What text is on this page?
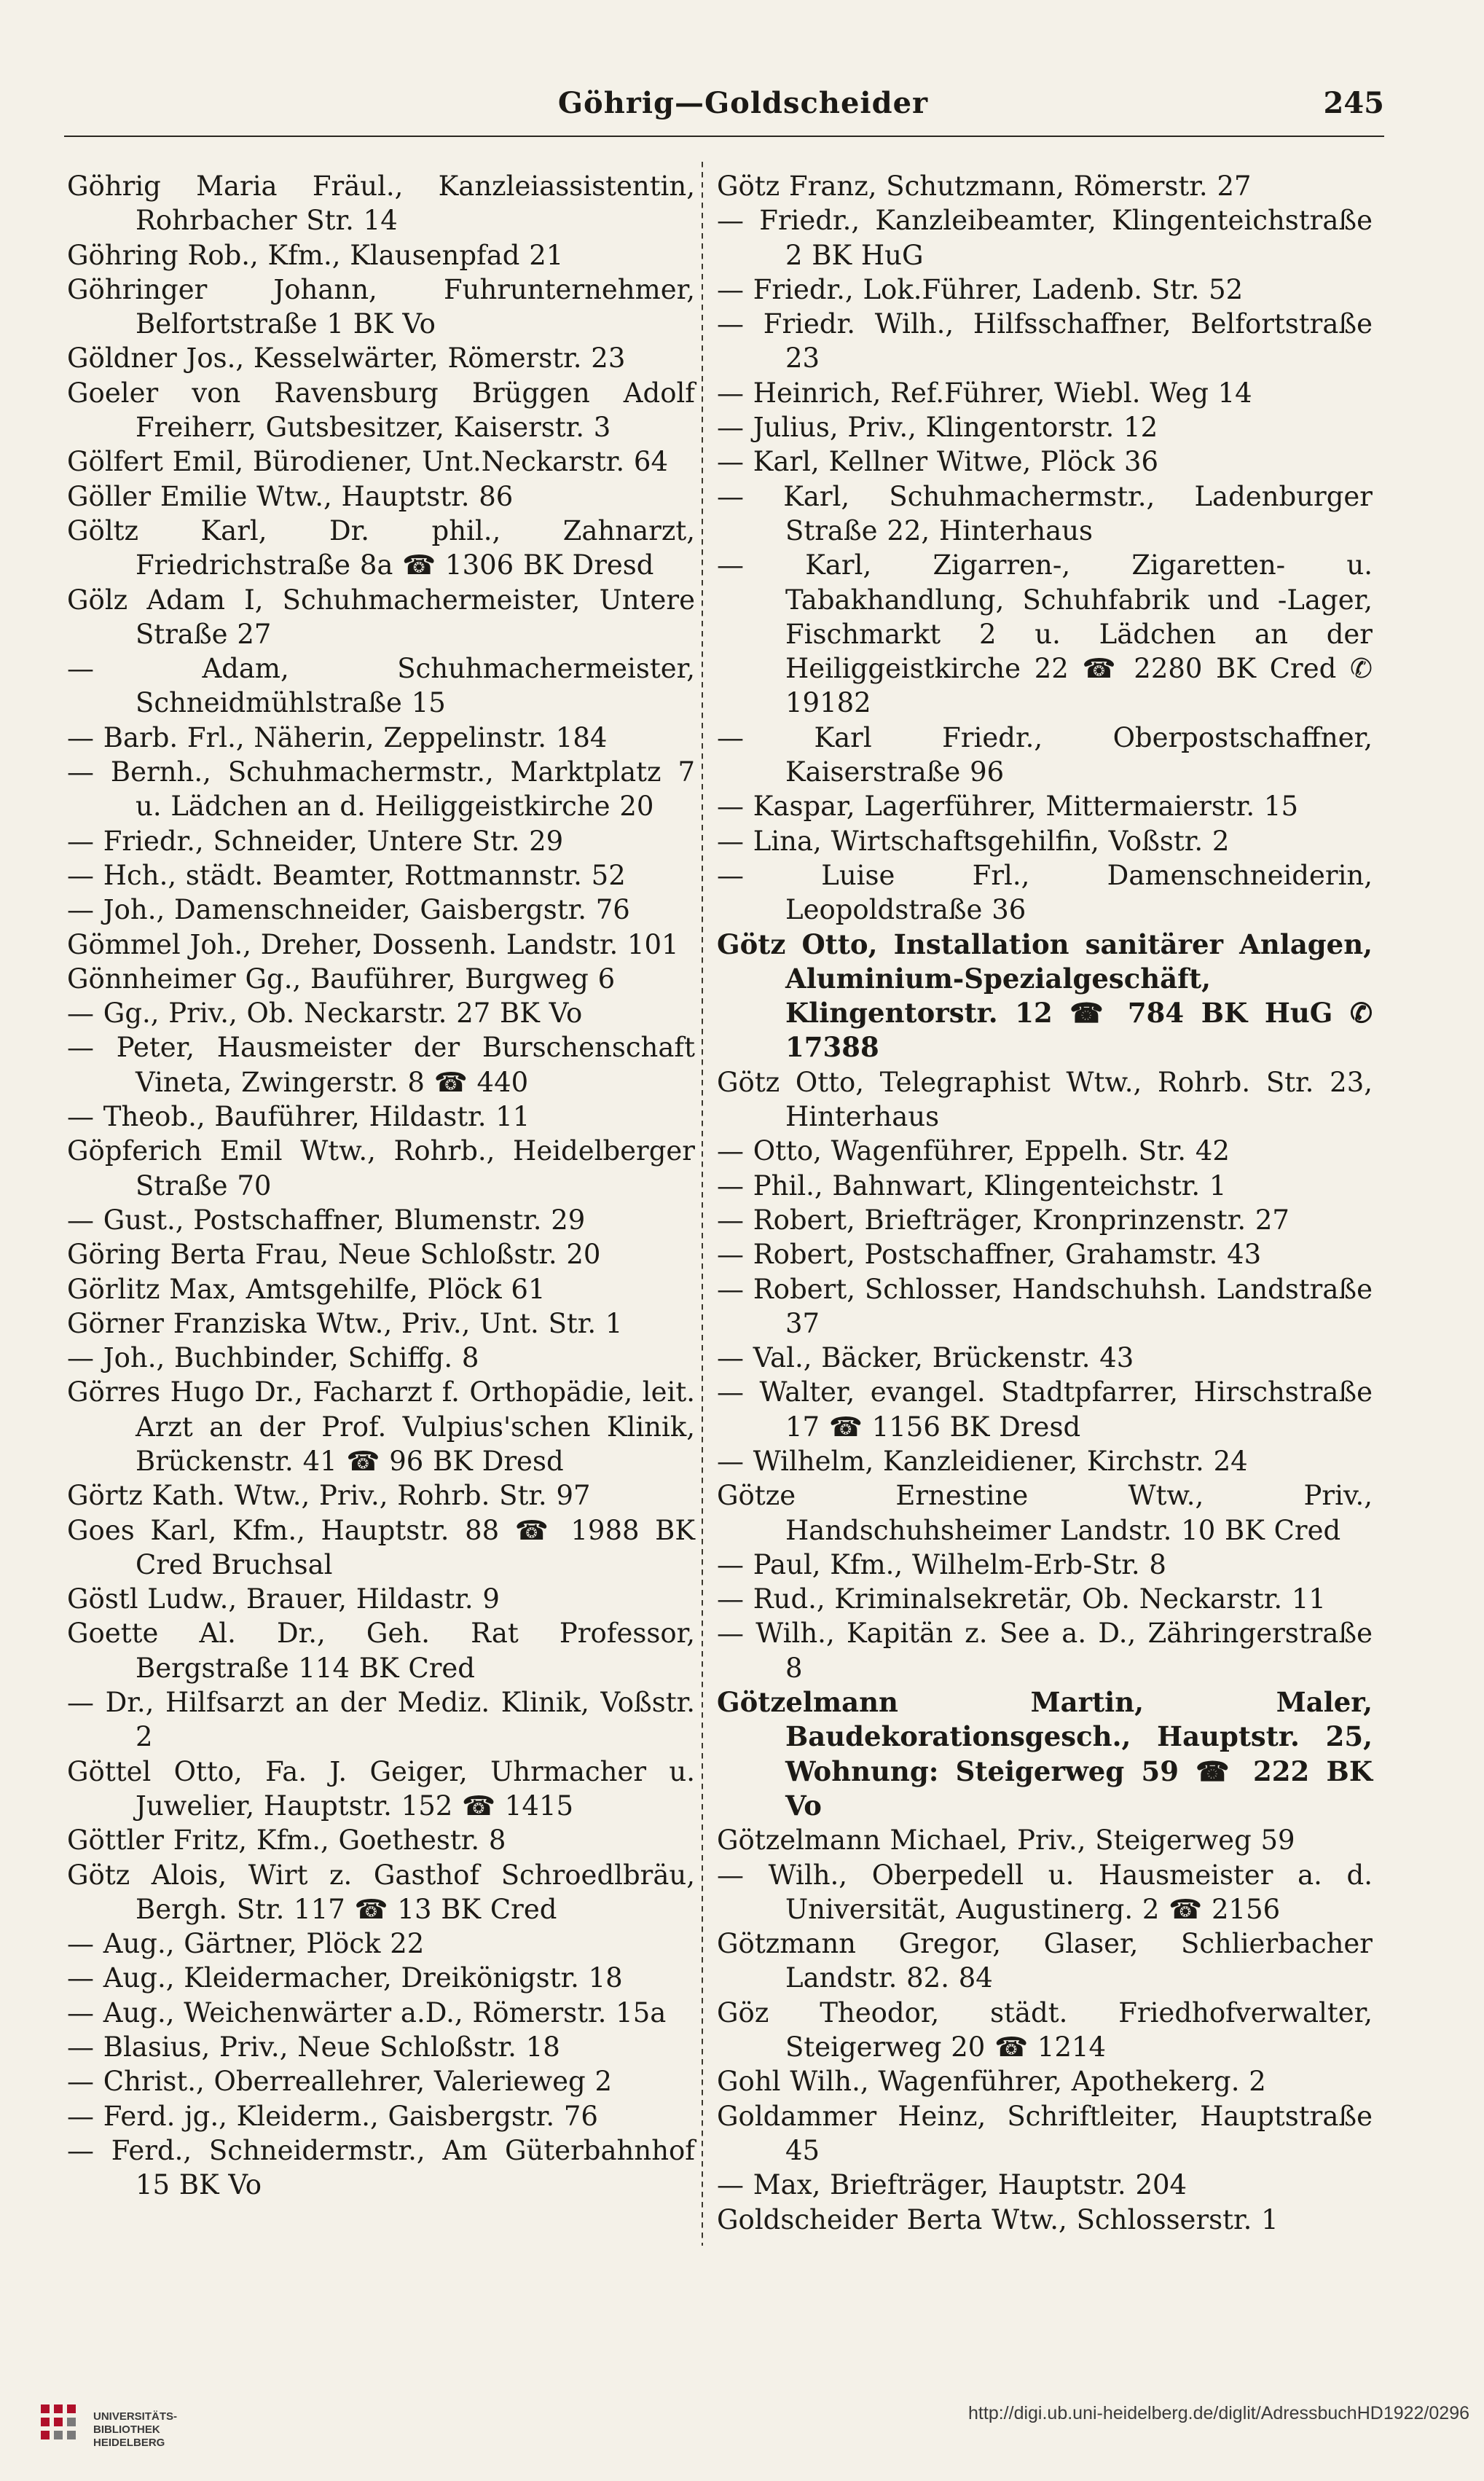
Göhrig—Goldscheider	245

Göhrig Maria Fräul., Kanzleiassistentin, Rohrbacher Str. 14

Göhring Rob., Kfm., Klausenpfad 21

Göhringer Johann, Fuhrunternehmer, Belfortstraße 1 BK Vo

Göldner Jos., Kesselwärter, Römerstr. 23

Goeler von Ravensburg Brüggen Adolf Freiherr, Gutsbesitzer, Kaiserstr. 3

Gölfert Emil, Bürodiener, Unt.Neckarstr. 64

Göller Emilie Wtw., Hauptstr. 86

Göltz Karl, Dr. phil., Zahnarzt, Friedrichstraße 8a ☎ 1306 BK Dresd

Gölz Adam I, Schuhmachermeister, Untere Straße 27

— Adam, Schuhmachermeister, Schneidmühlstraße 15

— Barb. Frl., Näherin, Zeppelinstr. 184

— Bernh., Schuhmachermstr., Marktplatz 7 u. Lädchen an d. Heiliggeistkirche 20

— Friedr., Schneider, Untere Str. 29

— Hch., städt. Beamter, Rottmannstr. 52

— Joh., Damenschneider, Gaisbergstr. 76

Gömmel Joh., Dreher, Dossenh. Landstr. 101

Gönnheimer Gg., Bauführer, Burgweg 6

— Gg., Priv., Ob. Neckarstr. 27 BK Vo

— Peter, Hausmeister der Burschenschaft Vineta, Zwingerstr. 8 ☎ 440

— Theob., Bauführer, Hildastr. 11

Göpferich Emil Wtw., Rohrb., Heidelberger Straße 70

— Gust., Postschaffner, Blumenstr. 29

Göring Berta Frau, Neue Schloßstr. 20

Görlitz Max, Amtsgehilfe, Plöck 61

Görner Franziska Wtw., Priv., Unt. Str. 1

— Joh., Buchbinder, Schiffg. 8

Görres Hugo Dr., Facharzt f. Orthopädie, leit. Arzt an der Prof. Vulpius'schen Klinik, Brückenstr. 41 ☎ 96 BK Dresd

Görtz Kath. Wtw., Priv., Rohrb. Str. 97

Goes Karl, Kfm., Hauptstr. 88 ☎ 1988 BK Cred Bruchsal

Göstl Ludw., Brauer, Hildastr. 9

Goette Al. Dr., Geh. Rat Professor, Bergstraße 114 BK Cred

— Dr., Hilfsarzt an der Mediz. Klinik, Voßstr. 2

Göttel Otto, Fa. J. Geiger, Uhrmacher u. Juwelier, Hauptstr. 152 ☎ 1415

Göttler Fritz, Kfm., Goethestr. 8

Götz Alois, Wirt z. Gasthof Schroedlbräu, Bergh. Str. 117 ☎ 13 BK Cred

— Aug., Gärtner, Plöck 22

— Aug., Kleidermacher, Dreikönigstr. 18

— Aug., Weichenwärter a.D., Römerstr. 15a

— Blasius, Priv., Neue Schloßstr. 18

— Christ., Oberreallehrer, Valerieweg 2

— Ferd. jg., Kleiderm., Gaisbergstr. 76

— Ferd., Schneidermstr., Am Güterbahnhof 15 BK Vo

Götz Franz, Schutzmann, Römerstr. 27

— Friedr., Kanzleibeamter, Klingenteichstraße 2 BK HuG

— Friedr., Lok.Führer, Ladenb. Str. 52

— Friedr. Wilh., Hilfsschaffner, Belfortstraße 23

— Heinrich, Ref.Führer, Wiebl. Weg 14

— Julius, Priv., Klingentorstr. 12

— Karl, Kellner Witwe, Plöck 36

— Karl, Schuhmachermstr., Ladenburger Straße 22, Hinterhaus

— Karl, Zigarren-, Zigaretten- u. Tabakhandlung, Schuhfabrik und -Lager, Fischmarkt 2 u. Lädchen an der Heiliggeistkirche 22 ☎ 2280 BK Cred ✆ 19182

— Karl Friedr., Oberpostschaffner, Kaiserstraße 96

— Kaspar, Lagerführer, Mittermaierstr. 15

— Lina, Wirtschaftsgehilfin, Voßstr. 2

— Luise Frl., Damenschneiderin, Leopoldstraße 36

Götz Otto, Installation sanitärer Anlagen, Aluminium-Spezialgeschäft, Klingentorstr. 12 ☎ 784 BK HuG ✆ 17388

Götz Otto, Telegraphist Wtw., Rohrb. Str. 23, Hinterhaus

— Otto, Wagenführer, Eppelh. Str. 42

— Phil., Bahnwart, Klingenteichstr. 1

— Robert, Briefträger, Kronprinzenstr. 27

— Robert, Postschaffner, Grahamstr. 43

— Robert, Schlosser, Handschuhsh. Landstraße 37

— Val., Bäcker, Brückenstr. 43

— Walter, evangel. Stadtpfarrer, Hirschstraße 17 ☎ 1156 BK Dresd

— Wilhelm, Kanzleidiener, Kirchstr. 24

Götze Ernestine Wtw., Priv., Handschuhsheimer Landstr. 10 BK Cred

— Paul, Kfm., Wilhelm-Erb-Str. 8

— Rud., Kriminalsekretär, Ob. Neckarstr. 11

— Wilh., Kapitän z. See a. D., Zähringerstraße 8

Götzelmann Martin, Maler, Baudekorationsgesch., Hauptstr. 25, Wohnung: Steigerweg 59 ☎ 222 BK Vo

Götzelmann Michael, Priv., Steigerweg 59

— Wilh., Oberpedell u. Hausmeister a. d. Universität, Augustinerg. 2 ☎ 2156

Götzmann Gregor, Glaser, Schlierbacher Landstr. 82. 84

Göz Theodor, städt. Friedhofverwalter, Steigerweg 20 ☎ 1214

Gohl Wilh., Wagenführer, Apothekerg. 2

Goldammer Heinz, Schriftleiter, Hauptstraße 45

— Max, Briefträger, Hauptstr. 204

Goldscheider Berta Wtw., Schlosserstr. 1

UNIVERSITÄTS-
BIBLIOTHEK
HEIDELBERG
http://digi.ub.uni-heidelberg.de/diglit/AdressbuchHD1922/0296
